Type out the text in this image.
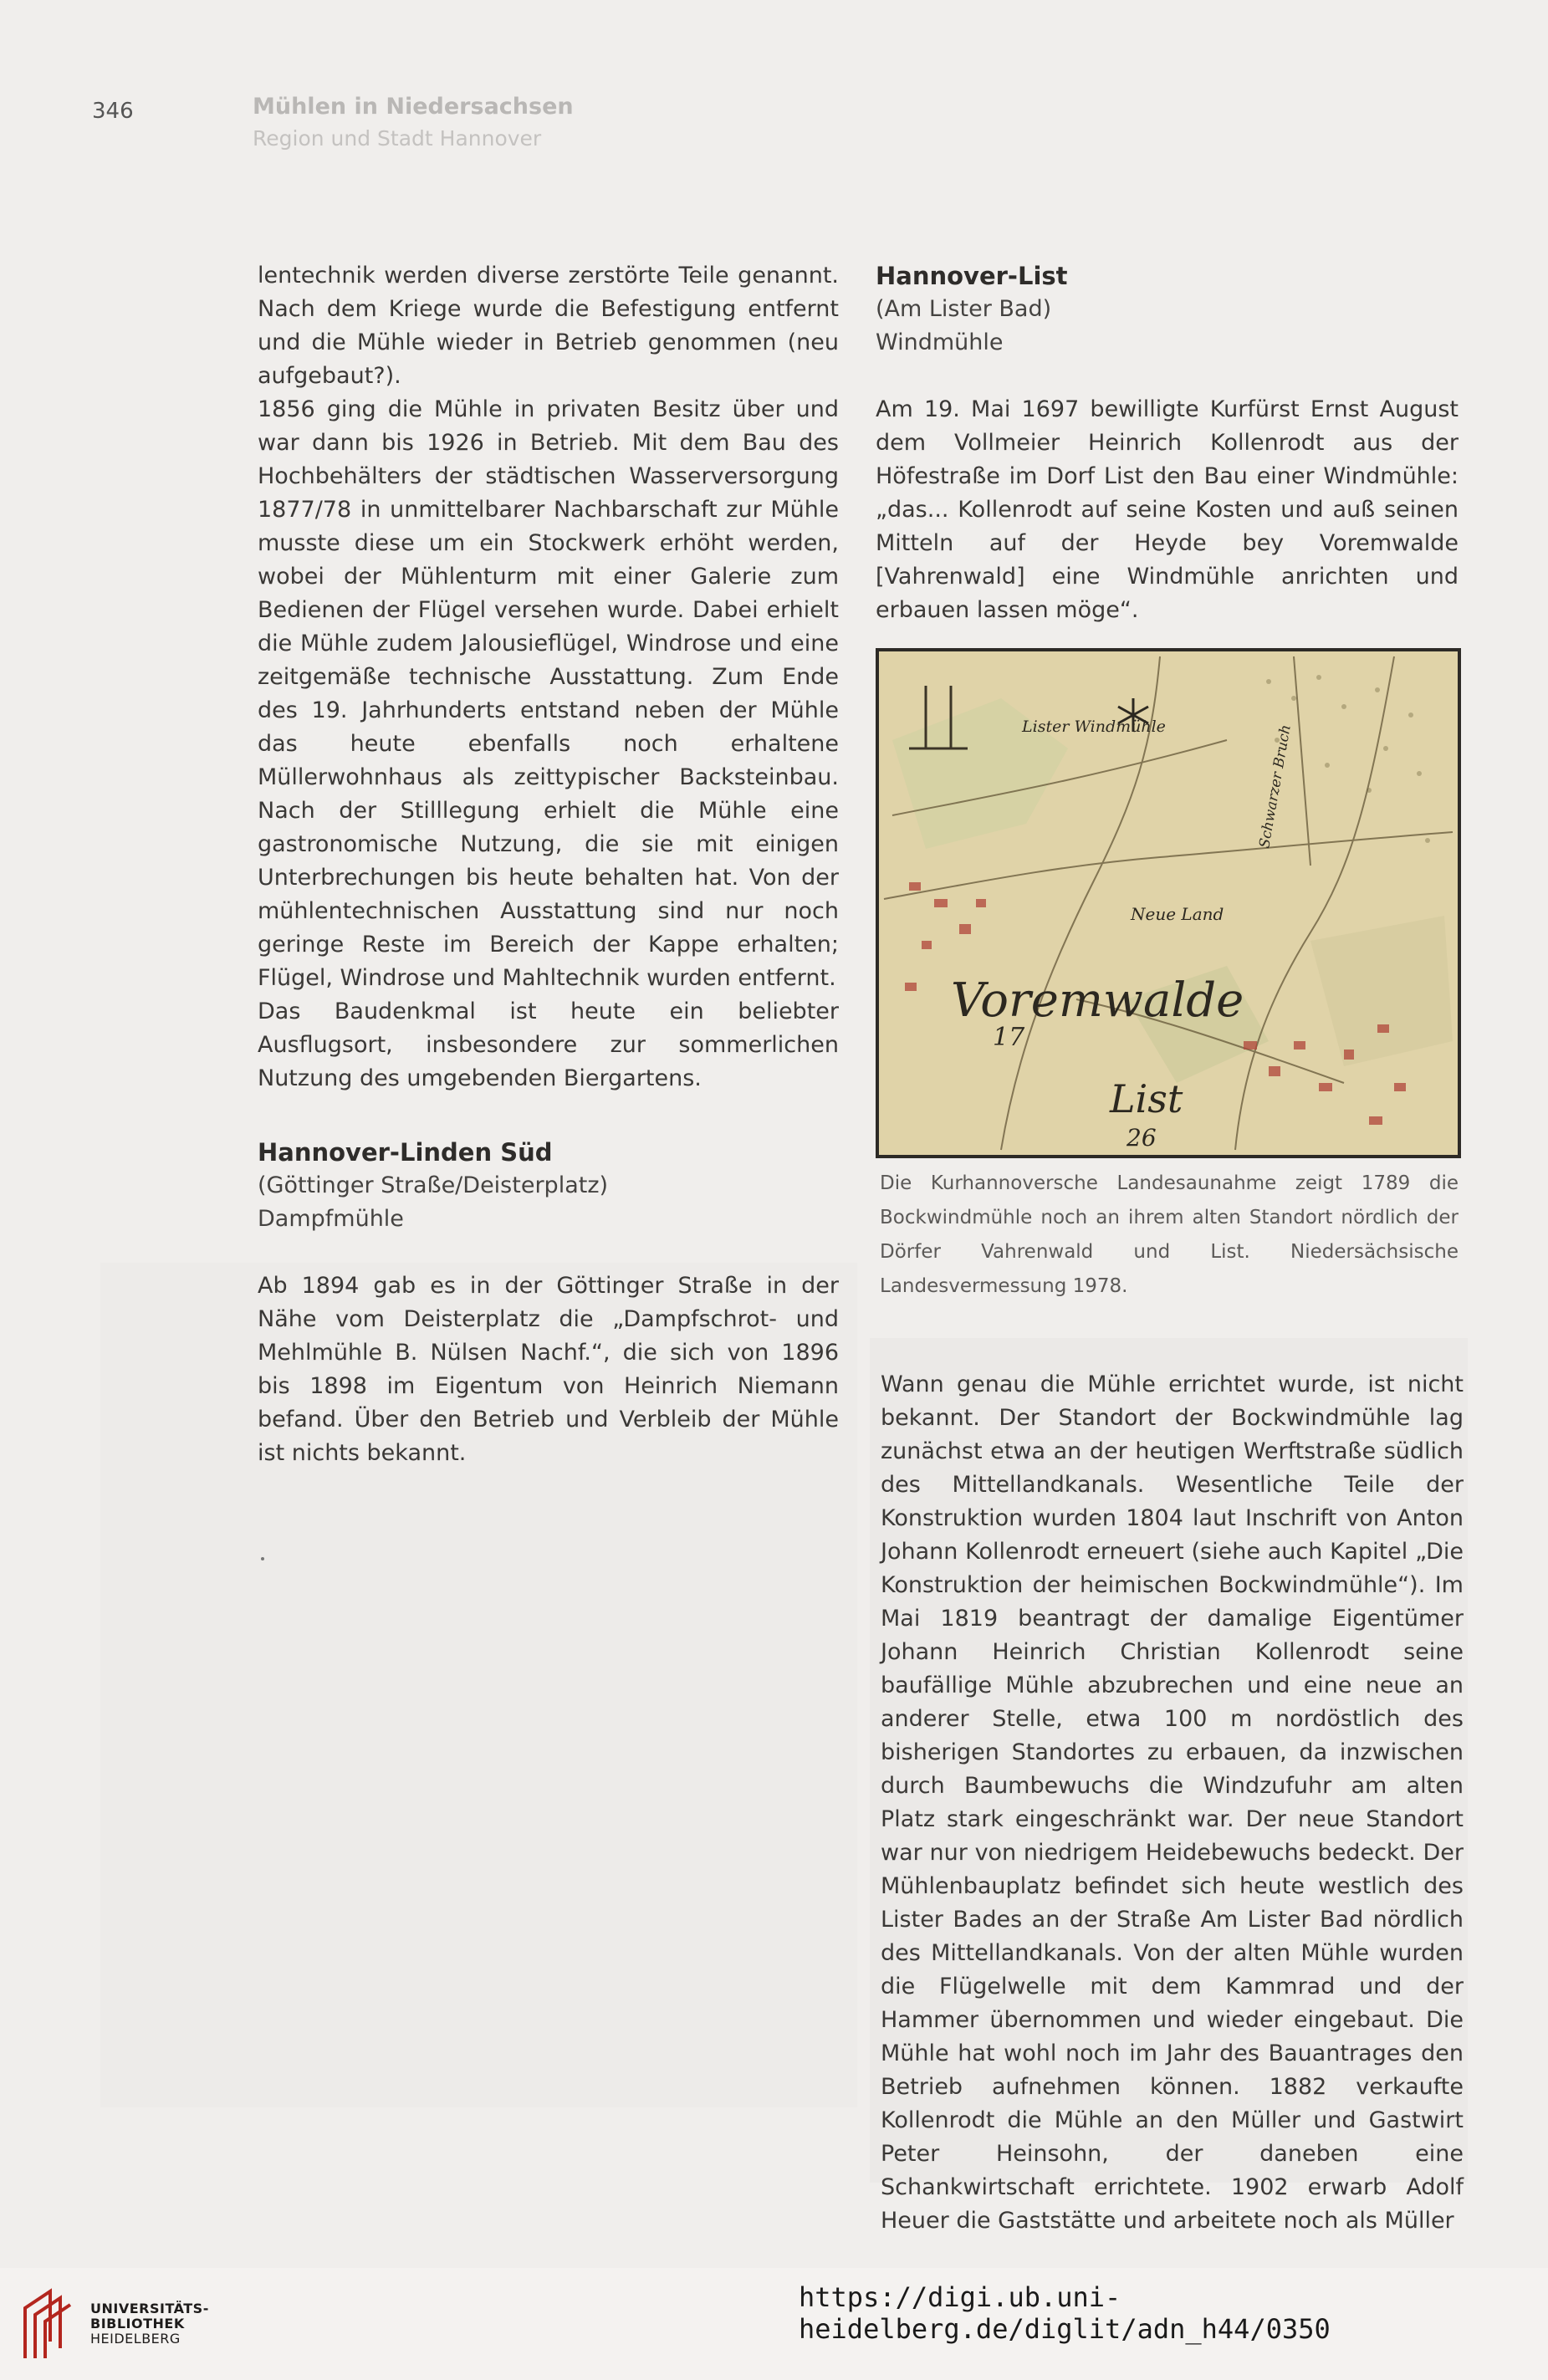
346	Mühlen in Niedersachsen
Region und Stadt Hannover

lentechnik werden diverse zerstörte Teile genannt. Nach dem Kriege wurde die Befestigung entfernt und die Mühle wieder in Betrieb genommen (neu aufgebaut?).

1856 ging die Mühle in privaten Besitz über und war dann bis 1926 in Betrieb. Mit dem Bau des Hochbehälters der städtischen Wasserversorgung 1877/78 in unmittelbarer Nachbarschaft zur Mühle musste diese um ein Stockwerk erhöht werden, wobei der Mühlenturm mit einer Galerie zum Bedienen der Flügel versehen wurde. Dabei erhielt die Mühle zudem Jalousieflügel, Windrose und eine zeitgemäße technische Ausstattung. Zum Ende des 19. Jahrhunderts entstand neben der Mühle das heute ebenfalls noch erhaltene Müllerwohnhaus als zeittypischer Backsteinbau. Nach der Stilllegung erhielt die Mühle eine gastronomische Nutzung, die sie mit einigen Unterbrechungen bis heute behalten hat. Von der mühlentechnischen Ausstattung sind nur noch geringe Reste im Bereich der Kappe erhalten; Flügel, Windrose und Mahltechnik wurden entfernt.

Das Baudenkmal ist heute ein beliebter Ausflugsort, insbesondere zur sommerlichen Nutzung des umgebenden Biergartens.

Hannover-Linden Süd
(Göttinger Straße/Deisterplatz)
Dampfmühle

Ab 1894 gab es in der Göttinger Straße in der Nähe vom Deisterplatz die „Dampfschrot- und Mehlmühle B. Nülsen Nachf.“, die sich von 1896 bis 1898 im Eigentum von Heinrich Niemann befand. Über den Betrieb und Verbleib der Mühle ist nichts bekannt.

Hannover-List
(Am Lister Bad)
Windmühle

Am 19. Mai 1697 bewilligte Kurfürst Ernst August dem Vollmeier Heinrich Kollenrodt aus der Höfestraße im Dorf List den Bau einer Windmühle: „das... Kollenrodt auf seine Kosten und auß seinen Mitteln auf der Heyde bey Voremwalde [Vahrenwald] eine Windmühle anrichten und erbauen lassen möge“.

Lister Windmühle
Neue Land
Voremwalde
17
List
26
Schwarzer Bruch
Die Kurhannoversche Landesaunahme zeigt 1789 die Bockwindmühle noch an ihrem alten Standort nördlich der Dörfer Vahrenwald und List. Niedersächsische Landesvermessung 1978.

Wann genau die Mühle errichtet wurde, ist nicht bekannt. Der Standort der Bockwindmühle lag zunächst etwa an der heutigen Werftstraße südlich des Mittellandkanals. Wesentliche Teile der Konstruktion wurden 1804 laut Inschrift von Anton Johann Kollenrodt erneuert (siehe auch Kapitel „Die Konstruktion der heimischen Bockwindmühle“). Im Mai 1819 beantragt der damalige Eigentümer Johann Heinrich Christian Kollenrodt seine baufällige Mühle abzubrechen und eine neue an anderer Stelle, etwa 100 m nordöstlich des bisherigen Standortes zu erbauen, da inzwischen durch Baumbewuchs die Windzufuhr am alten Platz stark eingeschränkt war. Der neue Standort war nur von niedrigem Heidebewuchs bedeckt. Der Mühlenbauplatz befindet sich heute westlich des Lister Bades an der Straße Am Lister Bad nördlich des Mittellandkanals. Von der alten Mühle wurden die Flügelwelle mit dem Kammrad und der Hammer übernommen und wieder eingebaut. Die Mühle hat wohl noch im Jahr des Bauantrages den Betrieb aufnehmen können. 1882 verkaufte Kollenrodt die Mühle an den Müller und Gastwirt Peter Heinsohn, der daneben eine Schankwirtschaft errichtete. 1902 erwarb Adolf Heuer die Gaststätte und arbeitete noch als Müller

UNIVERSITÄTS-
BIBLIOTHEK
HEIDELBERG
https://digi.ub.uni-heidelberg.de/diglit/adn_h44/0350
